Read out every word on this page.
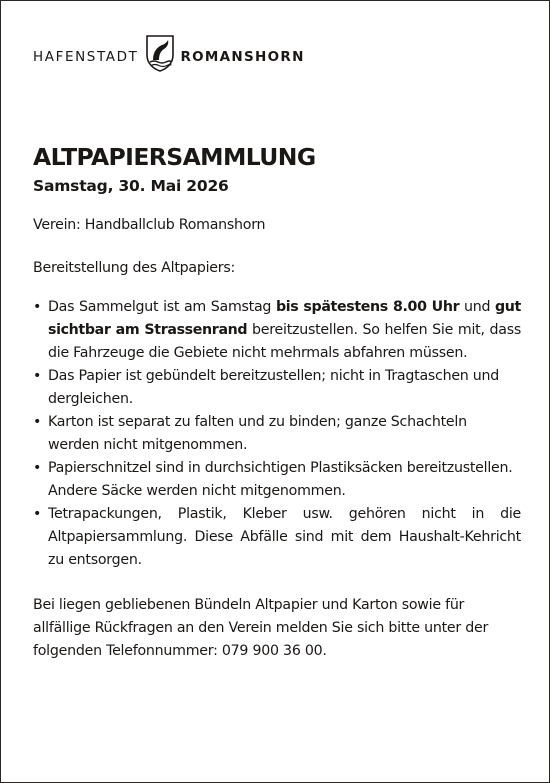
HAFENSTADT	ROMANSHORN
ALTPAPIERSAMMLUNG
Samstag, 30. Mai 2026
Verein: Handballclub Romanshorn
Bereitstellung des Altpapiers:
• Das Sammelgut ist am Samstag bis spätestens 8.00 Uhr und gut sichtbar am Strassenrand bereitzustellen. So helfen Sie mit, dass die Fahrzeuge die Gebiete nicht mehrmals abfahren müssen.
• Das Papier ist gebündelt bereitzustellen; nicht in Tragtaschen und dergleichen.
• Karton ist separat zu falten und zu binden; ganze Schachteln werden nicht mitgenommen.
• Papierschnitzel sind in durchsichtigen Plastiksäcken bereitzustellen. Andere Säcke werden nicht mitgenommen.
• Tetrapackungen, Plastik, Kleber usw. gehören nicht in die Altpapiersammlung. Diese Abfälle sind mit dem Haushalt-Kehricht zu entsorgen.
Bei liegen gebliebenen Bündeln Altpapier und Karton sowie für allfällige Rückfragen an den Verein melden Sie sich bitte unter der folgenden Telefonnummer: 079 900 36 00.
